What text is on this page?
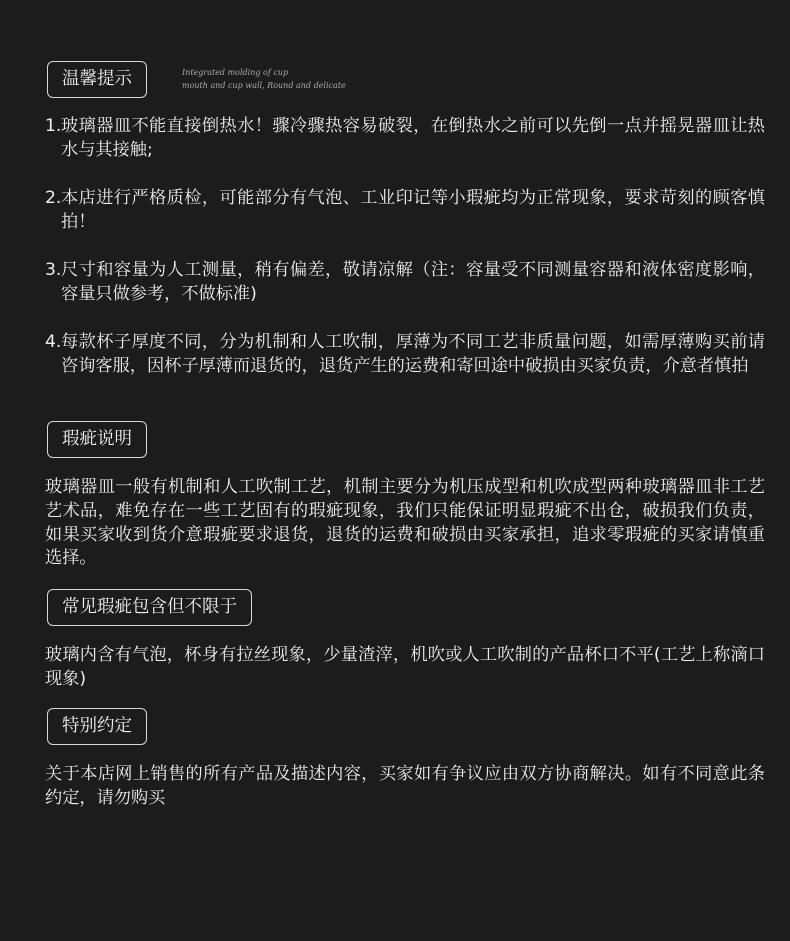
温馨提示	Integrated molding of cup
mouth and cup wall, Round and delicate
1. 玻璃器皿不能直接倒热水！骤冷骤热容易破裂，在倒热水之前可以先倒一点并摇晃器皿让热水与其接触;
2. 本店进行严格质检，可能部分有气泡、工业印记等小瑕疵均为正常现象，要求苛刻的顾客慎拍！
3. 尺寸和容量为人工测量，稍有偏差，敬请凉解（注：容量受不同测量容器和液体密度影响，容量只做参考，不做标准)
4. 每款杯子厚度不同，分为机制和人工吹制，厚薄为不同工艺非质量问题，如需厚薄购买前请咨询客服，因杯子厚薄而退货的，退货产生的运费和寄回途中破损由买家负责，介意者慎拍
瑕疵说明
玻璃器皿一般有机制和人工吹制工艺，机制主要分为机压成型和机吹成型两种玻璃器皿非工艺艺术品，难免存在一些工艺固有的瑕疵现象，我们只能保证明显瑕疵不出仓，破损我们负责，如果买家收到货介意瑕疵要求退货，退货的运费和破损由买家承担，追求零瑕疵的买家请慎重选择。
常见瑕疵包含但不限于
玻璃内含有气泡，杯身有拉丝现象，少量渣滓，机吹或人工吹制的产品杯口不平(工艺上称滴口现象)
特别约定
关于本店网上销售的所有产品及描述内容，买家如有争议应由双方协商解决。如有不同意此条约定，请勿购买
